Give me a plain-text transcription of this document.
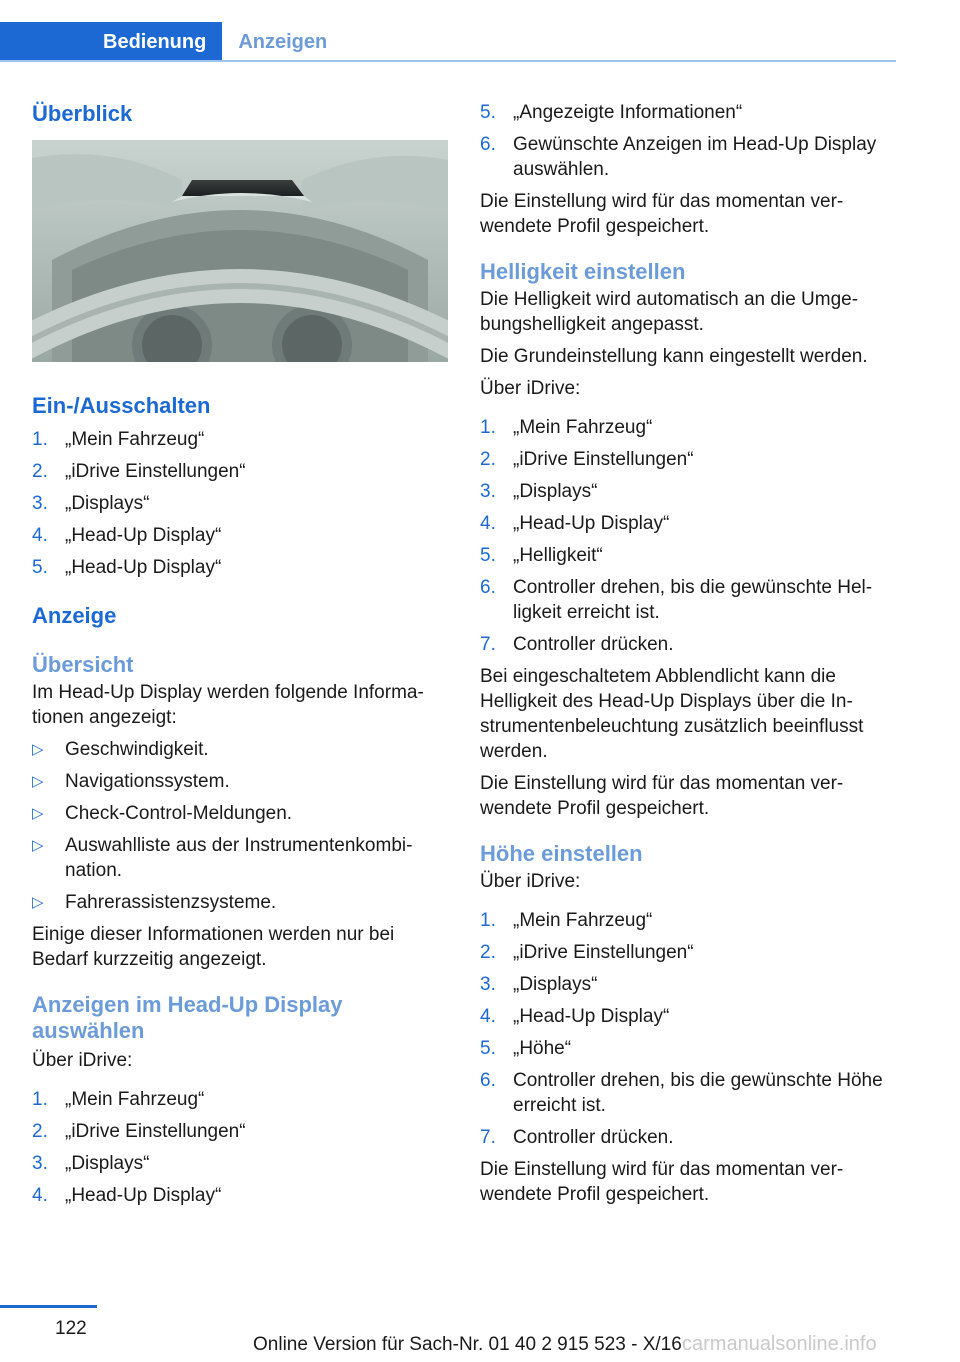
Bedienung	Anzeigen
Überblick
Ein-/Ausschalten
1. „Mein Fahrzeug“
2. „iDrive Einstellungen“
3. „Displays“
4. „Head-Up Display“
5. „Head-Up Display“
Anzeige
Übersicht

Im Head-Up Display werden folgende Informa-tionen angezeigt:

▷	Geschwindigkeit.
▷	Navigationssystem.
▷	Check-Control-Meldungen.
▷	Auswahlliste aus der Instrumentenkombi-nation.
▷	Fahrerassistenzsysteme.

Einige dieser Informationen werden nur bei Bedarf kurzzeitig angezeigt.

Anzeigen im Head-Up Display auswählen

Über iDrive:

1. „Mein Fahrzeug“
2. „iDrive Einstellungen“
3. „Displays“
4. „Head-Up Display“
5. „Angezeigte Informationen“
6. Gewünschte Anzeigen im Head-Up Display auswählen.

Die Einstellung wird für das momentan ver-wendete Profil gespeichert.

Helligkeit einstellen

Die Helligkeit wird automatisch an die Umge-bungshelligkeit angepasst.

Die Grundeinstellung kann eingestellt werden.

Über iDrive:

1. „Mein Fahrzeug“
2. „iDrive Einstellungen“
3. „Displays“
4. „Head-Up Display“
5. „Helligkeit“
6. Controller drehen, bis die gewünschte Hel-ligkeit erreicht ist.
7. Controller drücken.

Bei eingeschaltetem Abblendlicht kann die Helligkeit des Head-Up Displays über die In-strumentenbeleuchtung zusätzlich beeinflusst werden.

Die Einstellung wird für das momentan ver-wendete Profil gespeichert.

Höhe einstellen

Über iDrive:

1. „Mein Fahrzeug“
2. „iDrive Einstellungen“
3. „Displays“
4. „Head-Up Display“
5. „Höhe“
6. Controller drehen, bis die gewünschte Höhe erreicht ist.
7. Controller drücken.

Die Einstellung wird für das momentan ver-wendete Profil gespeichert.

122
Online Version für Sach-Nr. 01 40 2 915 523 - X/16 carmanualsonline.info
